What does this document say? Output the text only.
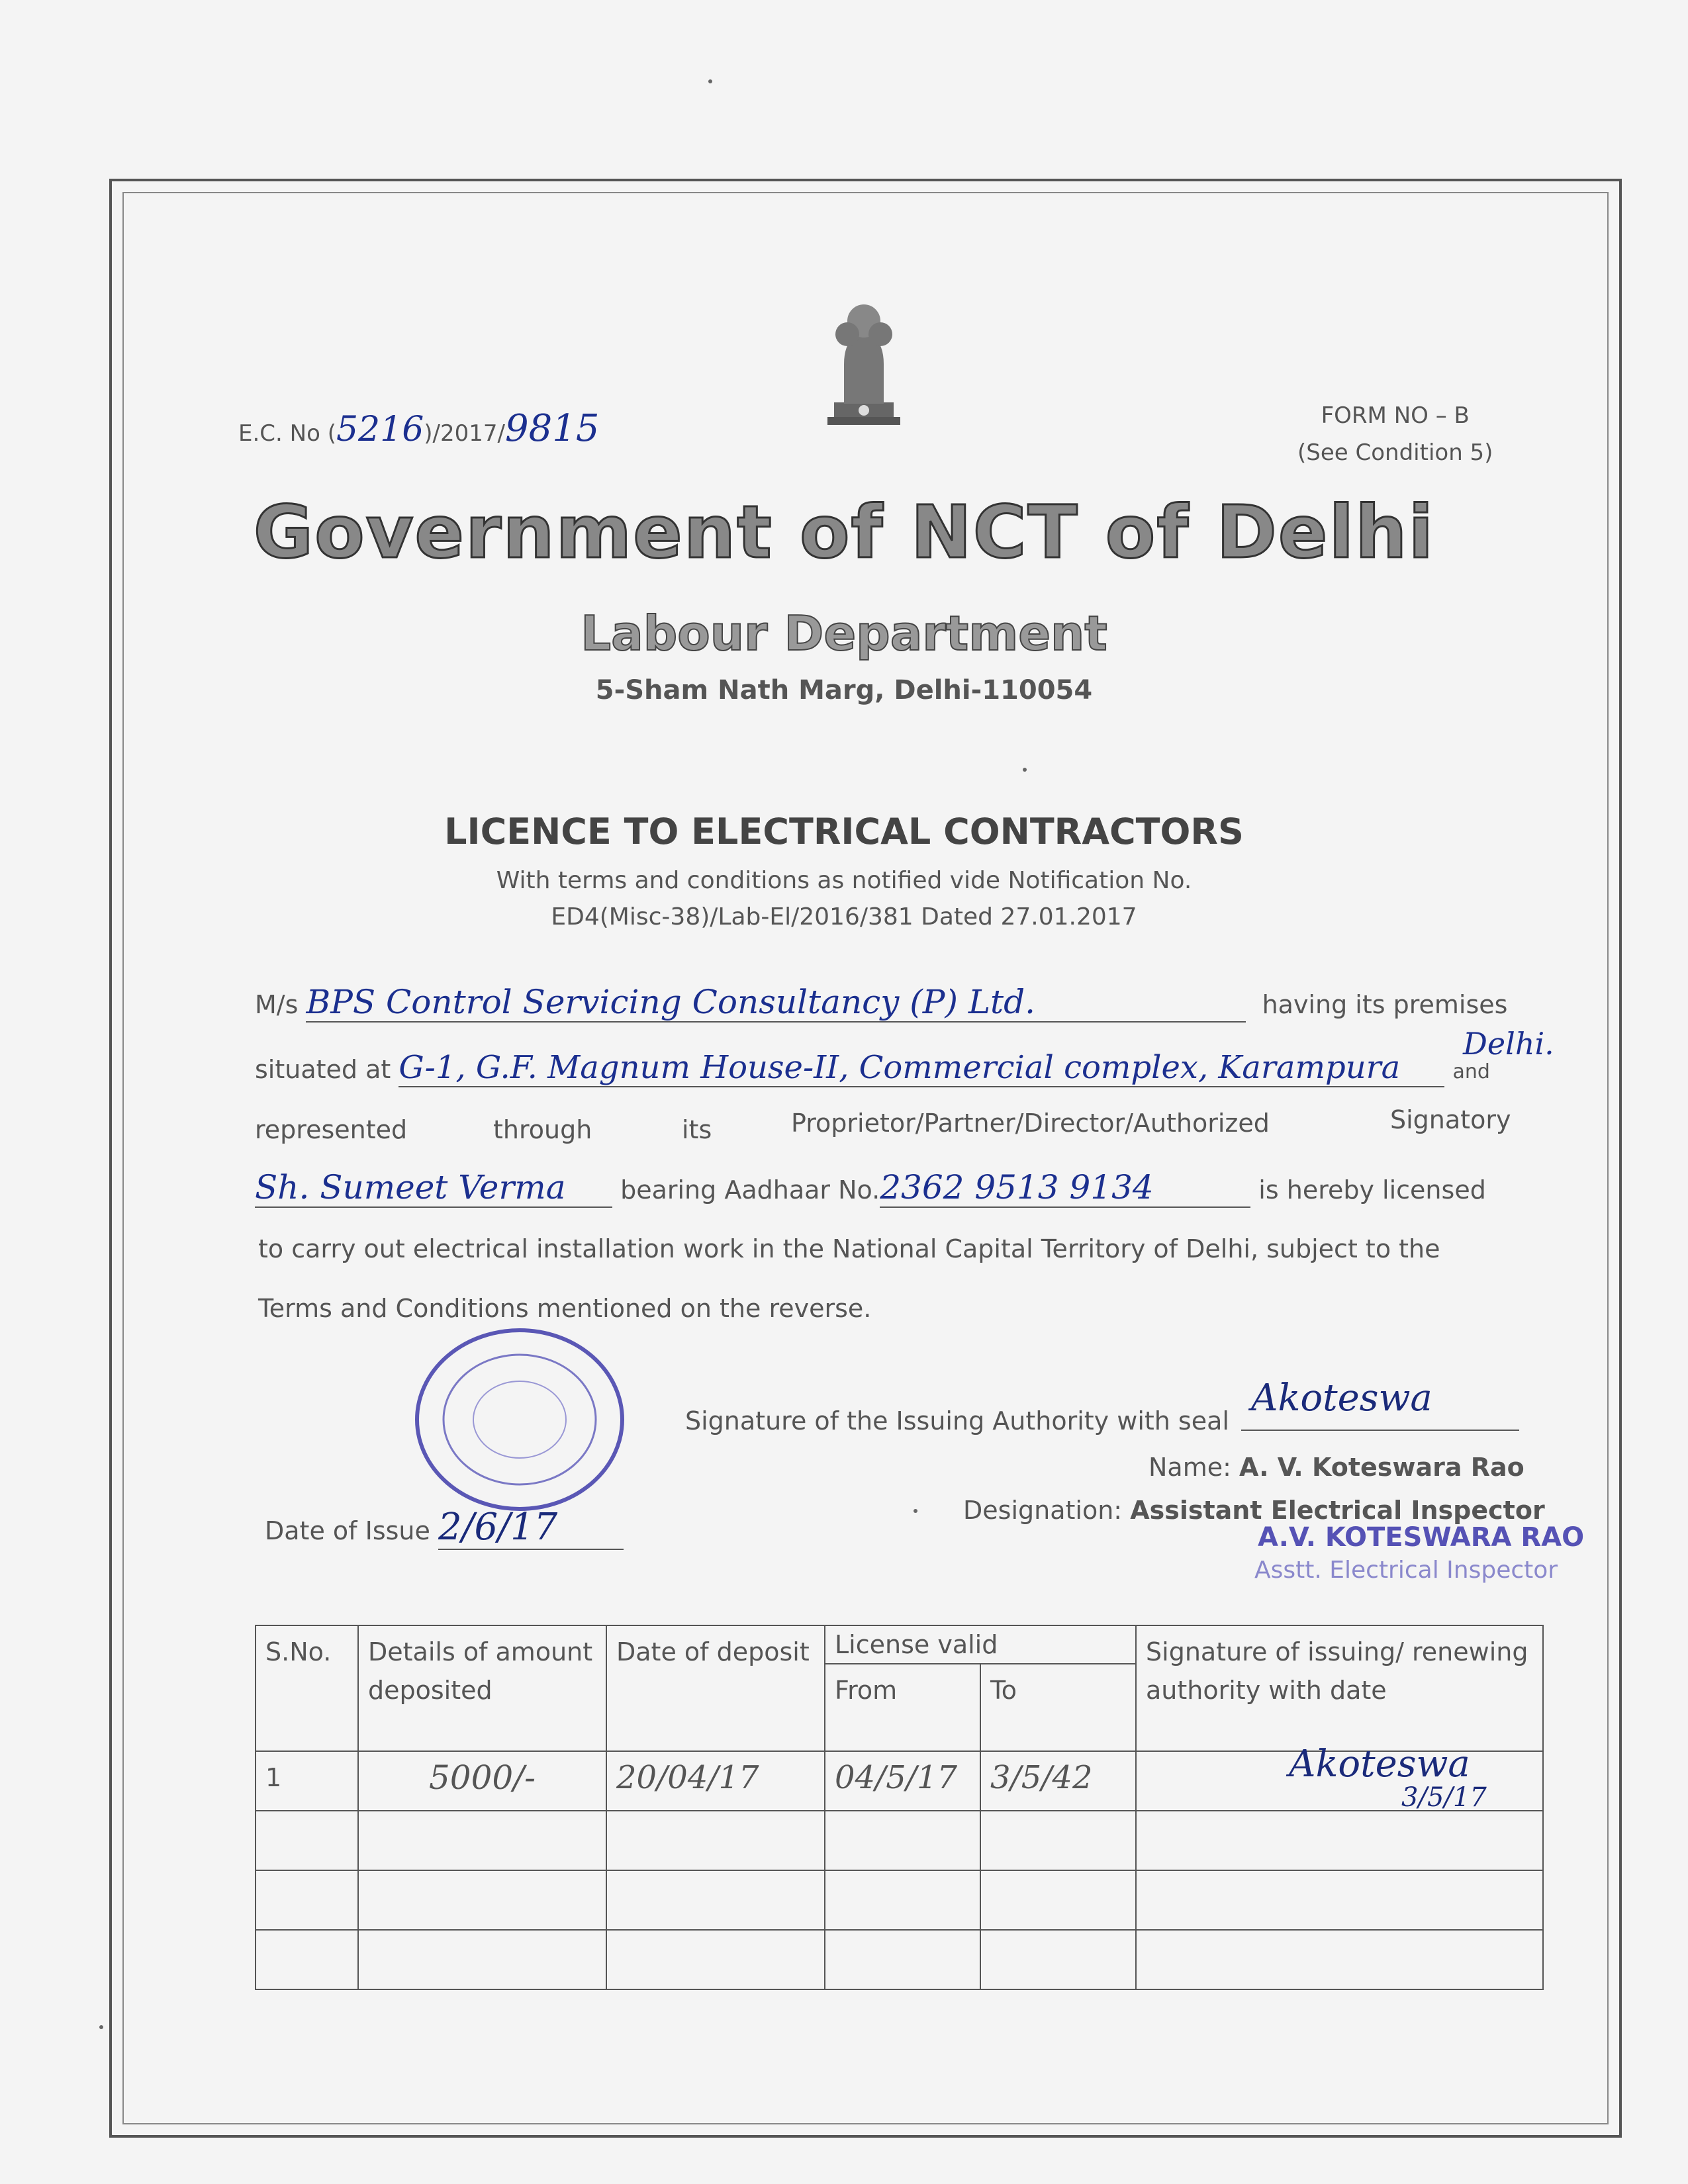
E.C. No (5216)/2017/9815	FORM NO – B
(See Condition 5)
Government of NCT of Delhi
Labour Department
5-Sham Nath Marg, Delhi-110054
LICENCE TO ELECTRICAL CONTRACTORS
With terms and conditions as notified vide Notification No.
ED4(Misc-38)/Lab-El/2016/381 Dated 27.01.2017
M/s BPS Control Servicing Consultancy (P) Ltd.	having its premises
situated at G-1, G.F. Magnum House-II, Commercial complex, Karampura	and
Delhi.
represented	through	its	Proprietor/Partner/Director/Authorized	Signatory
Sh. Sumeet Verma bearing Aadhaar No.2362 9513 9134	is hereby licensed
to carry out electrical installation work in the National Capital Territory of Delhi, subject to the
Terms and Conditions mentioned on the reverse.
Signature of the Issuing Authority with seal
Akoteswa
Name: A. V. Koteswara Rao
Designation: Assistant Electrical Inspector
A.V. KOTESWARA RAO
Asstt. Electrical Inspector
Date of Issue 2/6/17
S.No.	Details of amount deposited	Date of deposit	License valid		Signature of issuing/ renewing authority with date
			From	To	
1	5000/-	20/04/17	04/5/17	3/5/42	Akoteswa
3/5/17
